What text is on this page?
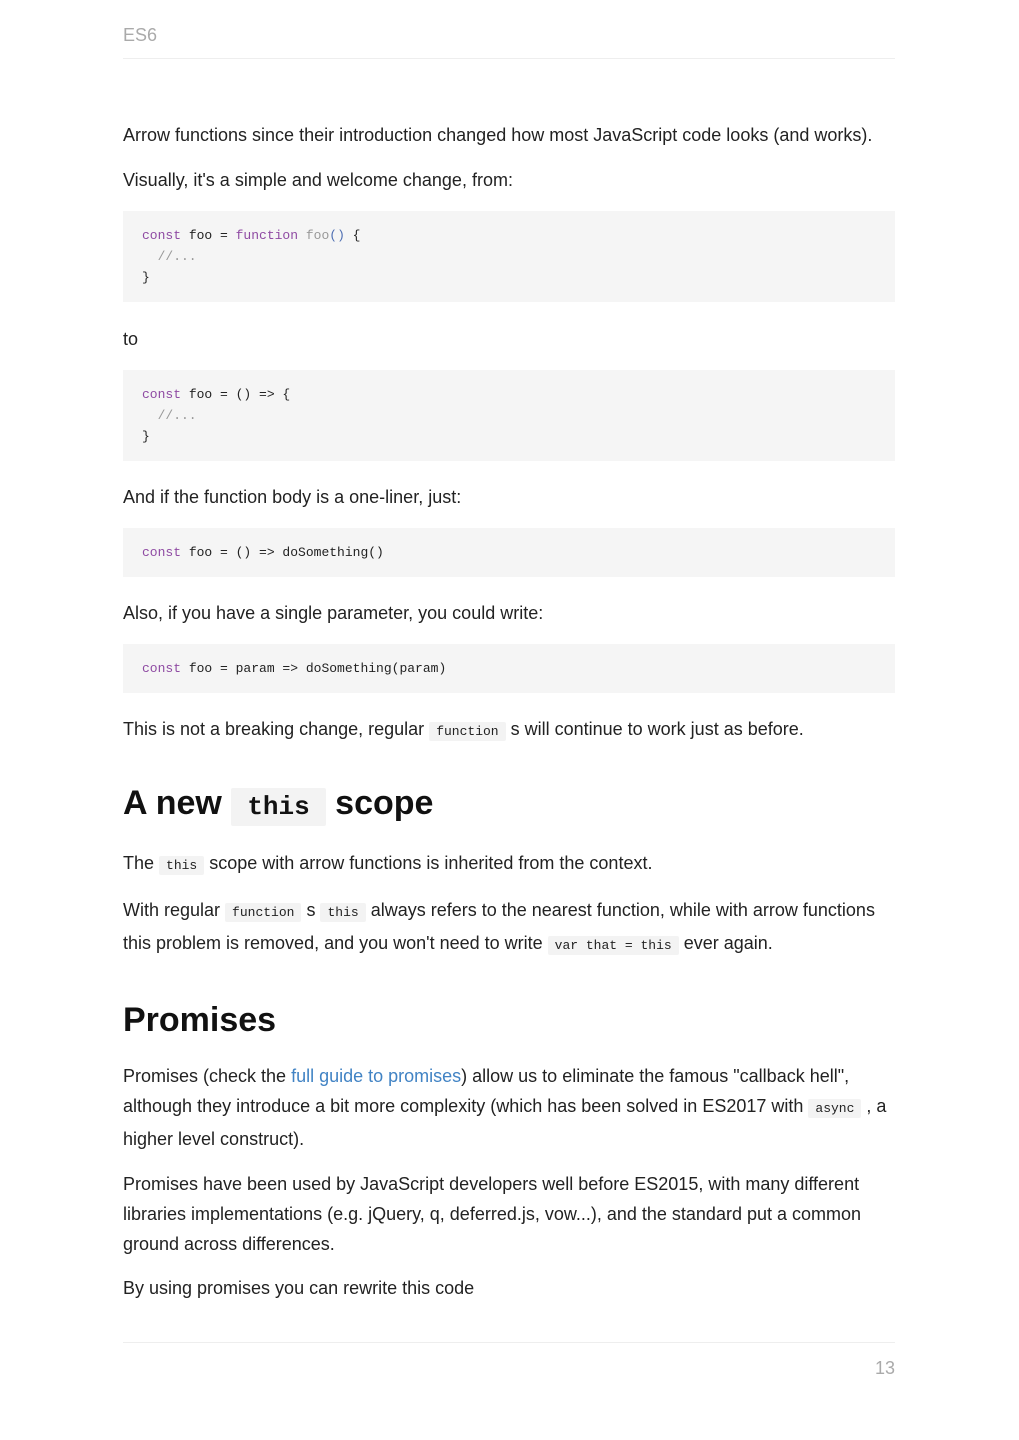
ES6

Arrow functions since their introduction changed how most JavaScript code looks (and works).

Visually, it's a simple and welcome change, from:

const foo = function foo() {
//...
}

to

const foo = () => {
//...
}

And if the function body is a one-liner, just:

const foo = () => doSomething()

Also, if you have a single parameter, you could write:

const foo = param => doSomething(param)

This is not a breaking change, regular function s will continue to work just as before.

A new this scope

The this scope with arrow functions is inherited from the context.

With regular function s this always refers to the nearest function, while with arrow functions this problem is removed, and you won't need to write var that = this ever again.

Promises

Promises (check the full guide to promises) allow us to eliminate the famous "callback hell", although they introduce a bit more complexity (which has been solved in ES2017 with async , a higher level construct).

Promises have been used by JavaScript developers well before ES2015, with many different libraries implementations (e.g. jQuery, q, deferred.js, vow...), and the standard put a common ground across differences.

By using promises you can rewrite this code

13
